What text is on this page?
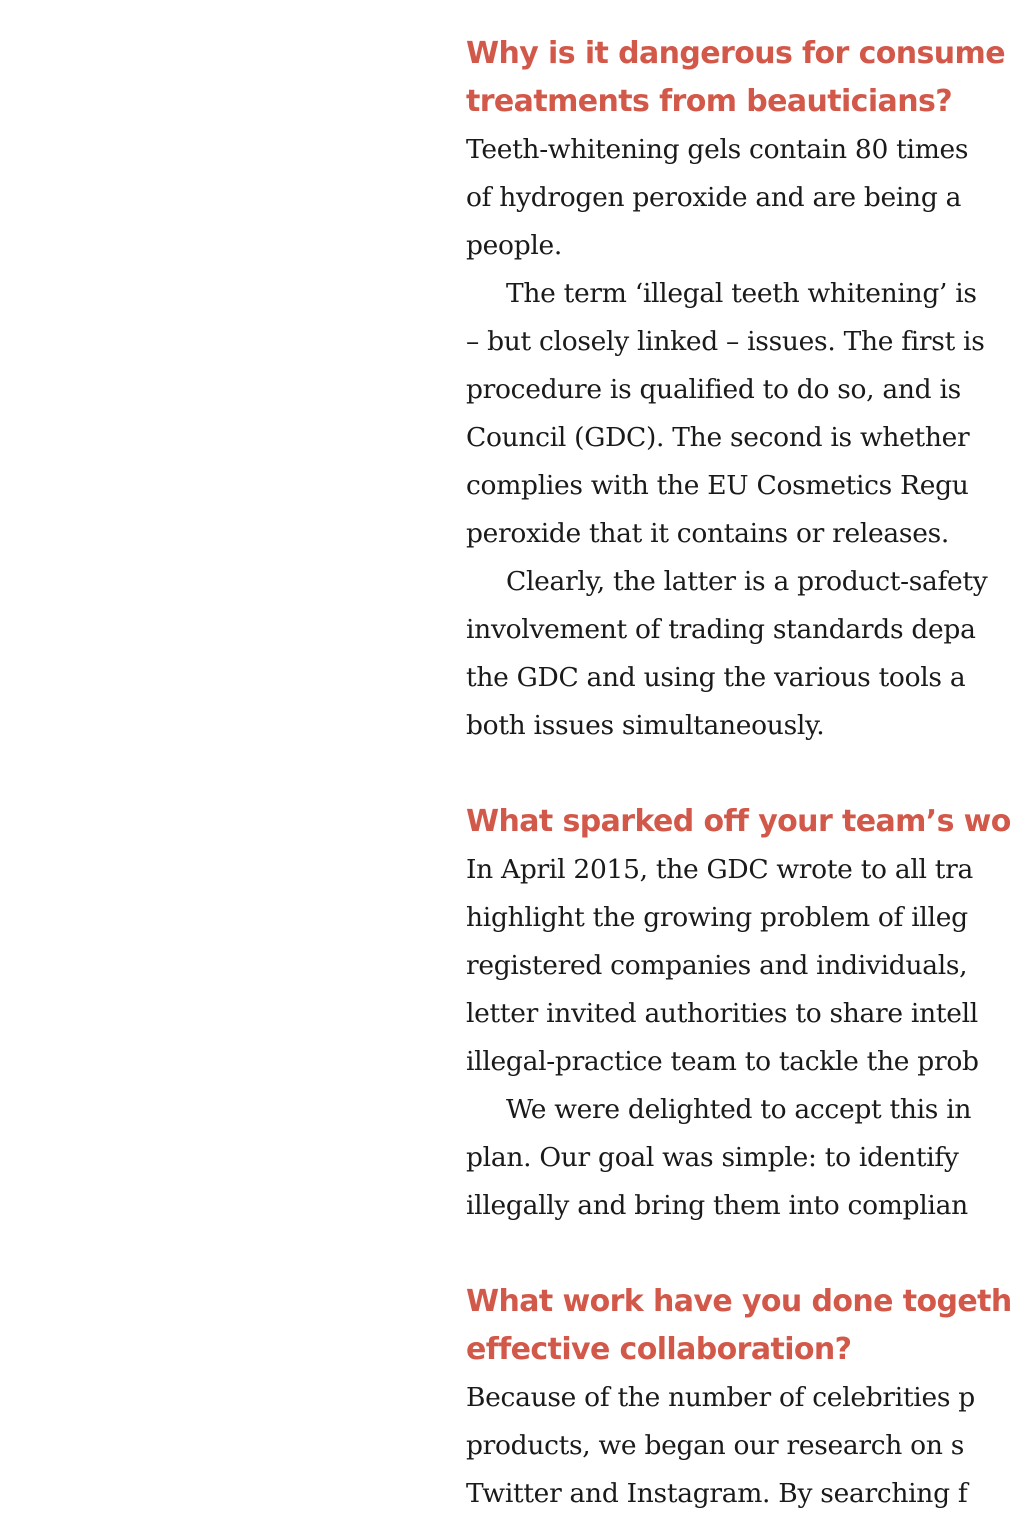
Why is it dangerous for consume
treatments from beauticians?

Teeth-whitening gels contain 80 times
of hydrogen peroxide and are being a
people.

The term ‘illegal teeth whitening’ is
– but closely linked – issues. The first is
procedure is qualified to do so, and is
Council (GDC). The second is whether
complies with the EU Cosmetics Regu
peroxide that it contains or releases.

Clearly, the latter is a product-safety
involvement of trading standards depa
the GDC and using the various tools a
both issues simultaneously.

What sparked off your team’s wo

In April 2015, the GDC wrote to all tra
highlight the growing problem of illeg
registered companies and individuals,
letter invited authorities to share intell
illegal-practice team to tackle the prob

We were delighted to accept this in
plan. Our goal was simple: to identify
illegally and bring them into complian

What work have you done togeth
effective collaboration?

Because of the number of celebrities p
products, we began our research on s
Twitter and Instagram. By searching f
